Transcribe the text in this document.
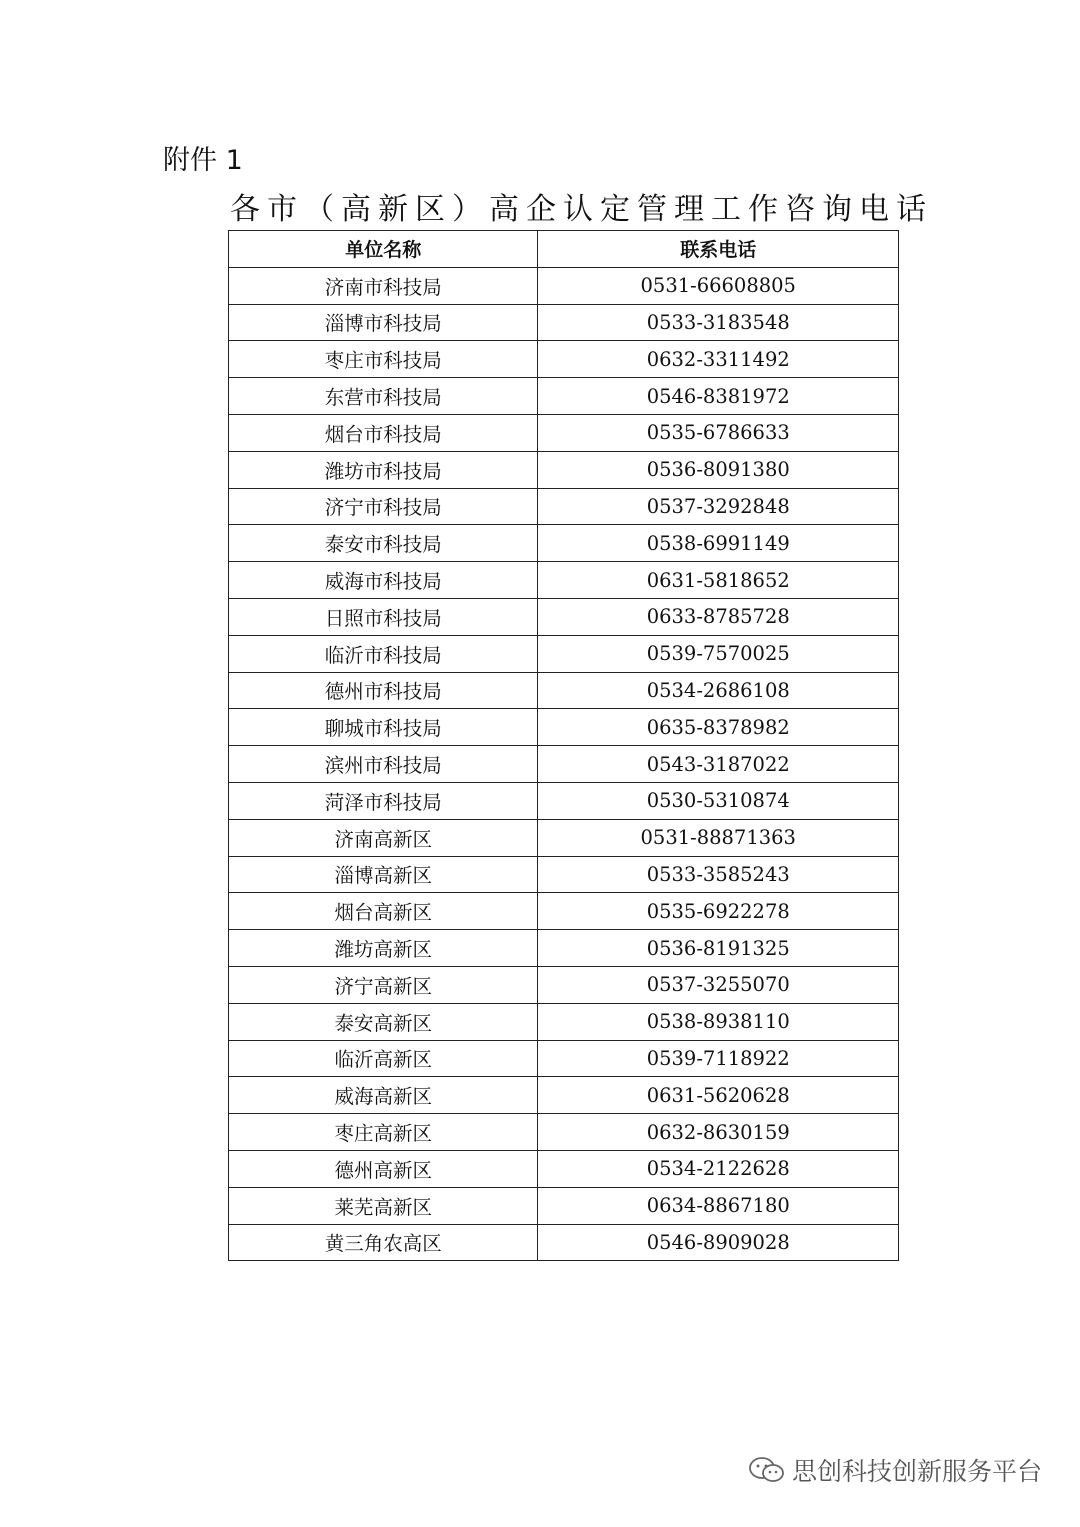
附件 1
各市（高新区）高企认定管理工作咨询电话
单位名称	联系电话
济南市科技局	0531-66608805
淄博市科技局	0533-3183548
枣庄市科技局	0632-3311492
东营市科技局	0546-8381972
烟台市科技局	0535-6786633
潍坊市科技局	0536-8091380
济宁市科技局	0537-3292848
泰安市科技局	0538-6991149
威海市科技局	0631-5818652
日照市科技局	0633-8785728
临沂市科技局	0539-7570025
德州市科技局	0534-2686108
聊城市科技局	0635-8378982
滨州市科技局	0543-3187022
菏泽市科技局	0530-5310874
济南高新区	0531-88871363
淄博高新区	0533-3585243
烟台高新区	0535-6922278
潍坊高新区	0536-8191325
济宁高新区	0537-3255070
泰安高新区	0538-8938110
临沂高新区	0539-7118922
威海高新区	0631-5620628
枣庄高新区	0632-8630159
德州高新区	0534-2122628
莱芜高新区	0634-8867180
黄三角农高区	0546-8909028
思创科技创新服务平台
